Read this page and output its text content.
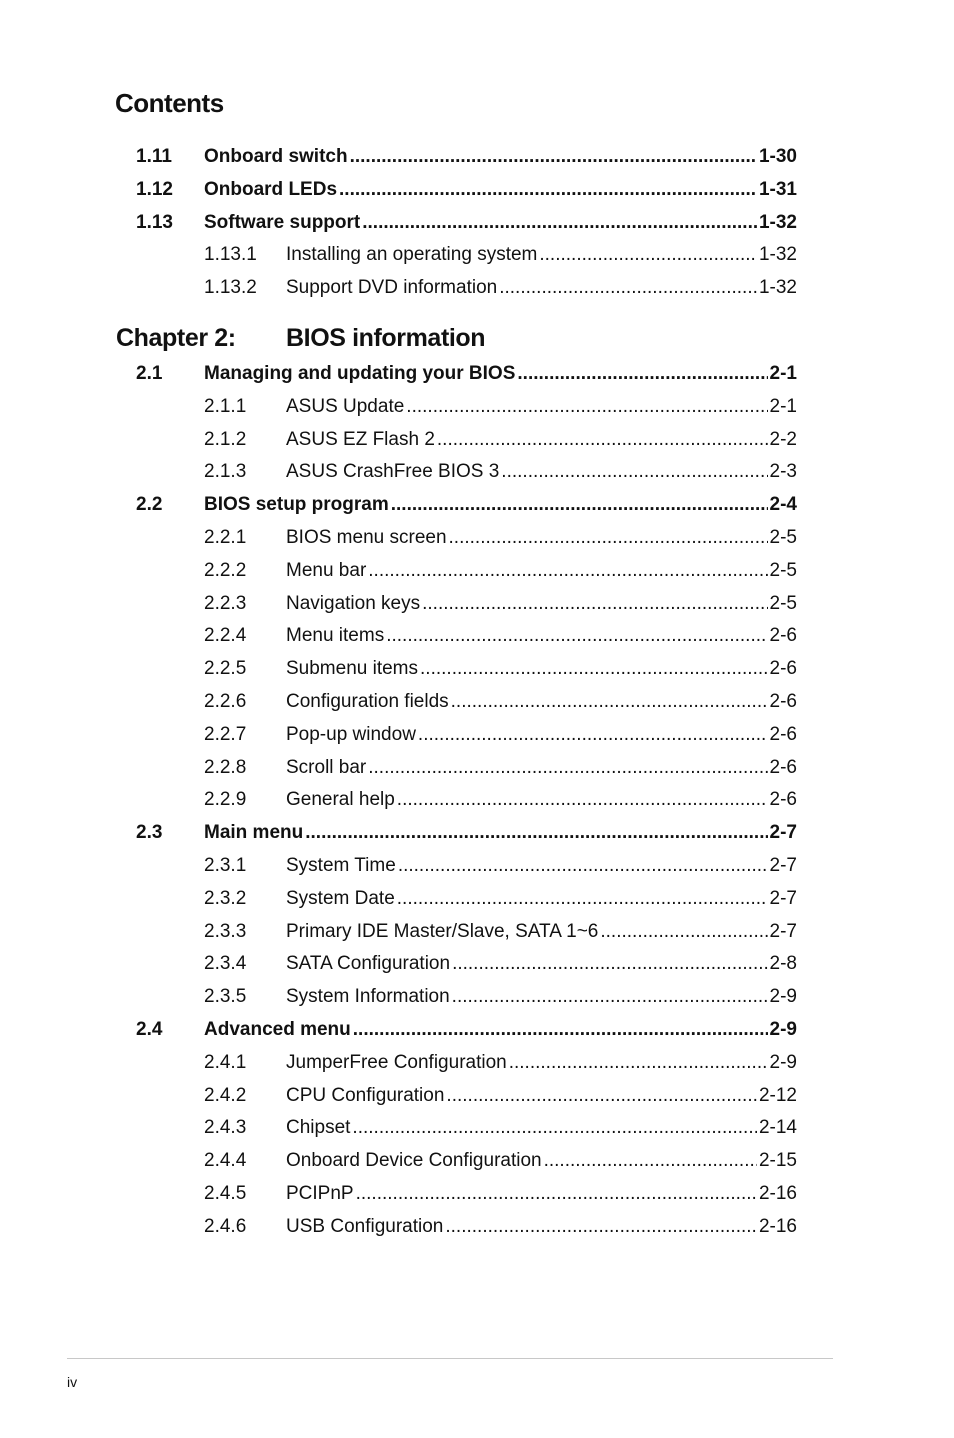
Contents
1.11 Onboard switch .....	1-30
1.12 Onboard LEDs .....	1-31
1.13 Software support .....	1-32
1.13.1 Installing an operating system .....	1-32
1.13.2 Support DVD information .....	1-32
Chapter 2: BIOS information
2.1 Managing and updating your BIOS .....	2-1
2.1.1 ASUS Update .....	2-1
2.1.2 ASUS EZ Flash 2 .....	2-2
2.1.3 ASUS CrashFree BIOS 3 .....	2-3
2.2 BIOS setup program .....	2-4
2.2.1 BIOS menu screen .....	2-5
2.2.2 Menu bar .....	2-5
2.2.3 Navigation keys .....	2-5
2.2.4 Menu items .....	2-6
2.2.5 Submenu items .....	2-6
2.2.6 Configuration fields .....	2-6
2.2.7 Pop-up window .....	2-6
2.2.8 Scroll bar .....	2-6
2.2.9 General help .....	2-6
2.3 Main menu .....	2-7
2.3.1 System Time .....	2-7
2.3.2 System Date .....	2-7
2.3.3 Primary IDE Master/Slave, SATA 1~6 .....	2-7
2.3.4 SATA Configuration .....	2-8
2.3.5 System Information .....	2-9
2.4 Advanced menu .....	2-9
2.4.1 JumperFree Configuration .....	2-9
2.4.2 CPU Configuration .....	2-12
2.4.3 Chipset .....	2-14
2.4.4 Onboard Device Configuration .....	2-15
2.4.5 PCIPnP .....	2-16
2.4.6 USB Configuration .....	2-16
iv
